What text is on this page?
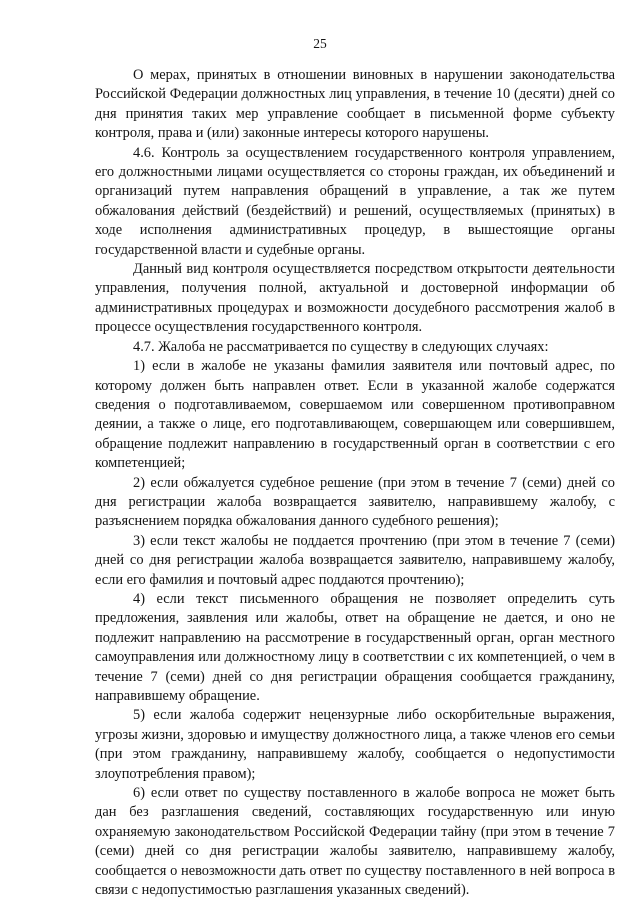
25

О мерах, принятых в отношении виновных в нарушении законодательства Российской Федерации должностных лиц управления, в течение 10 (десяти) дней со дня принятия таких мер управление сообщает в письменной форме субъекту контроля, права и (или) законные интересы которого нарушены.

4.6. Контроль за осуществлением государственного контроля управлением, его должностными лицами осуществляется со стороны граждан, их объединений и организаций путем направления обращений в управление, а так же путем обжалования действий (бездействий) и решений, осуществляемых (принятых) в ходе исполнения административных процедур, в вышестоящие органы государственной власти и судебные органы.

Данный вид контроля осуществляется посредством открытости деятельности управления, получения полной, актуальной и достоверной информации об административных процедурах и возможности досудебного рассмотрения жалоб в процессе осуществления государственного контроля.

4.7. Жалоба не рассматривается по существу в следующих случаях:

1) если в жалобе не указаны фамилия заявителя или почтовый адрес, по которому должен быть направлен ответ. Если в указанной жалобе содержатся сведения о подготавливаемом, совершаемом или совершенном противоправном деянии, а также о лице, его подготавливающем, совершающем или совершившем, обращение подлежит направлению в государственный орган в соответствии с его компетенцией;

2) если обжалуется судебное решение (при этом в течение 7 (семи) дней со дня регистрации жалоба возвращается заявителю, направившему жалобу, с разъяснением порядка обжалования данного судебного решения);

3) если текст жалобы не поддается прочтению (при этом в течение 7 (семи) дней со дня регистрации жалоба возвращается заявителю, направившему жалобу, если его фамилия и почтовый адрес поддаются прочтению);

4) если текст письменного обращения не позволяет определить суть предложения, заявления или жалобы, ответ на обращение не дается, и оно не подлежит направлению на рассмотрение в государственный орган, орган местного самоуправления или должностному лицу в соответствии с их компетенцией, о чем в течение 7 (семи) дней со дня регистрации обращения сообщается гражданину, направившему обращение.

5) если жалоба содержит нецензурные либо оскорбительные выражения, угрозы жизни, здоровью и имуществу должностного лица, а также членов его семьи (при этом гражданину, направившему жалобу, сообщается о недопустимости злоупотребления правом);

6) если ответ по существу поставленного в жалобе вопроса не может быть дан без разглашения сведений, составляющих государственную или иную охраняемую законодательством Российской Федерации тайну (при этом в течение 7 (семи) дней со дня регистрации жалобы заявителю, направившему жалобу, сообщается о невозможности дать ответ по существу поставленного в ней вопроса в связи с недопустимостью разглашения указанных сведений).
